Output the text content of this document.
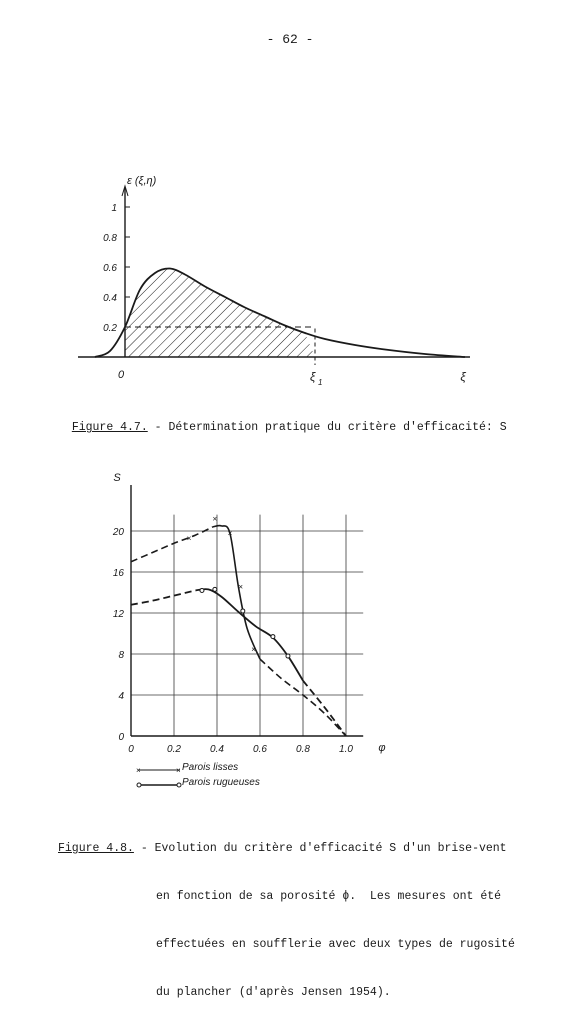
- 62 -
1
0.8
0.6
0.4
0.2
ε (ξ,η)
0	ξ 1	ξ
0
4
8
12
16
20
0	0.2	0.4	0.6	0.8	1.0
S
φ
×
×
×
×
×

Figure 4.7. - Détermination pratique du critère d'efficacité: S

×	× Parois lisses
Parois rugueuses

Figure 4.8. - Evolution du critère d'efficacité S d'un brise-vent

en fonction de sa porosité ϕ.  Les mesures ont été

effectuées en soufflerie avec deux types de rugosité

du plancher (d'après Jensen 1954).
